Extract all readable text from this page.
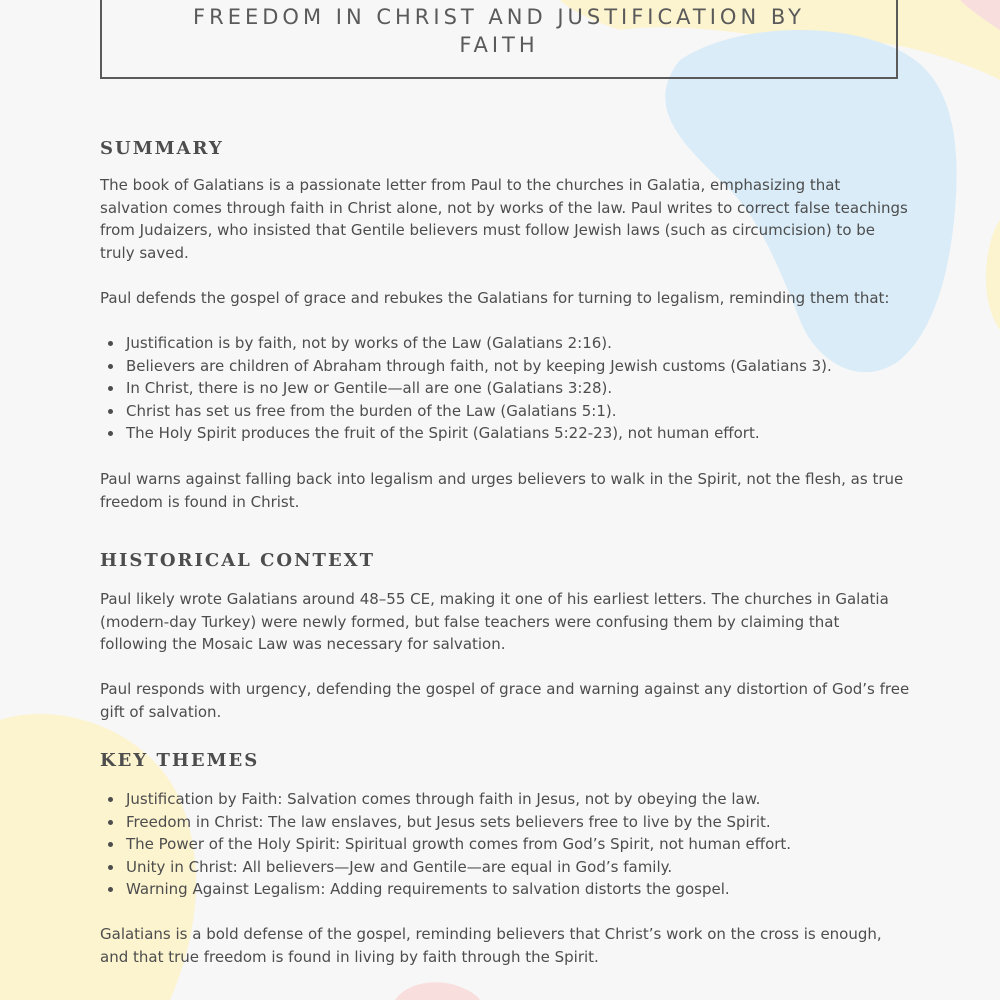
FREEDOM IN CHRIST AND JUSTIFICATION BY FAITH
SUMMARY

The book of Galatians is a passionate letter from Paul to the churches in Galatia, emphasizing that salvation comes through faith in Christ alone, not by works of the law. Paul writes to correct false teachings from Judaizers, who insisted that Gentile believers must follow Jewish laws (such as circumcision) to be truly saved.

Paul defends the gospel of grace and rebukes the Galatians for turning to legalism, reminding them that:

Justification is by faith, not by works of the Law (Galatians 2:16).
Believers are children of Abraham through faith, not by keeping Jewish customs (Galatians 3).
In Christ, there is no Jew or Gentile—all are one (Galatians 3:28).
Christ has set us free from the burden of the Law (Galatians 5:1).
The Holy Spirit produces the fruit of the Spirit (Galatians 5:22-23), not human effort.

Paul warns against falling back into legalism and urges believers to walk in the Spirit, not the flesh, as true freedom is found in Christ.

HISTORICAL CONTEXT

Paul likely wrote Galatians around 48–55 CE, making it one of his earliest letters. The churches in Galatia (modern-day Turkey) were newly formed, but false teachers were confusing them by claiming that following the Mosaic Law was necessary for salvation.

Paul responds with urgency, defending the gospel of grace and warning against any distortion of God’s free gift of salvation.

KEY THEMES
Justification by Faith: Salvation comes through faith in Jesus, not by obeying the law.
Freedom in Christ: The law enslaves, but Jesus sets believers free to live by the Spirit.
The Power of the Holy Spirit: Spiritual growth comes from God’s Spirit, not human effort.
Unity in Christ: All believers—Jew and Gentile—are equal in God’s family.
Warning Against Legalism: Adding requirements to salvation distorts the gospel.

Galatians is a bold defense of the gospel, reminding believers that Christ’s work on the cross is enough, and that true freedom is found in living by faith through the Spirit.
